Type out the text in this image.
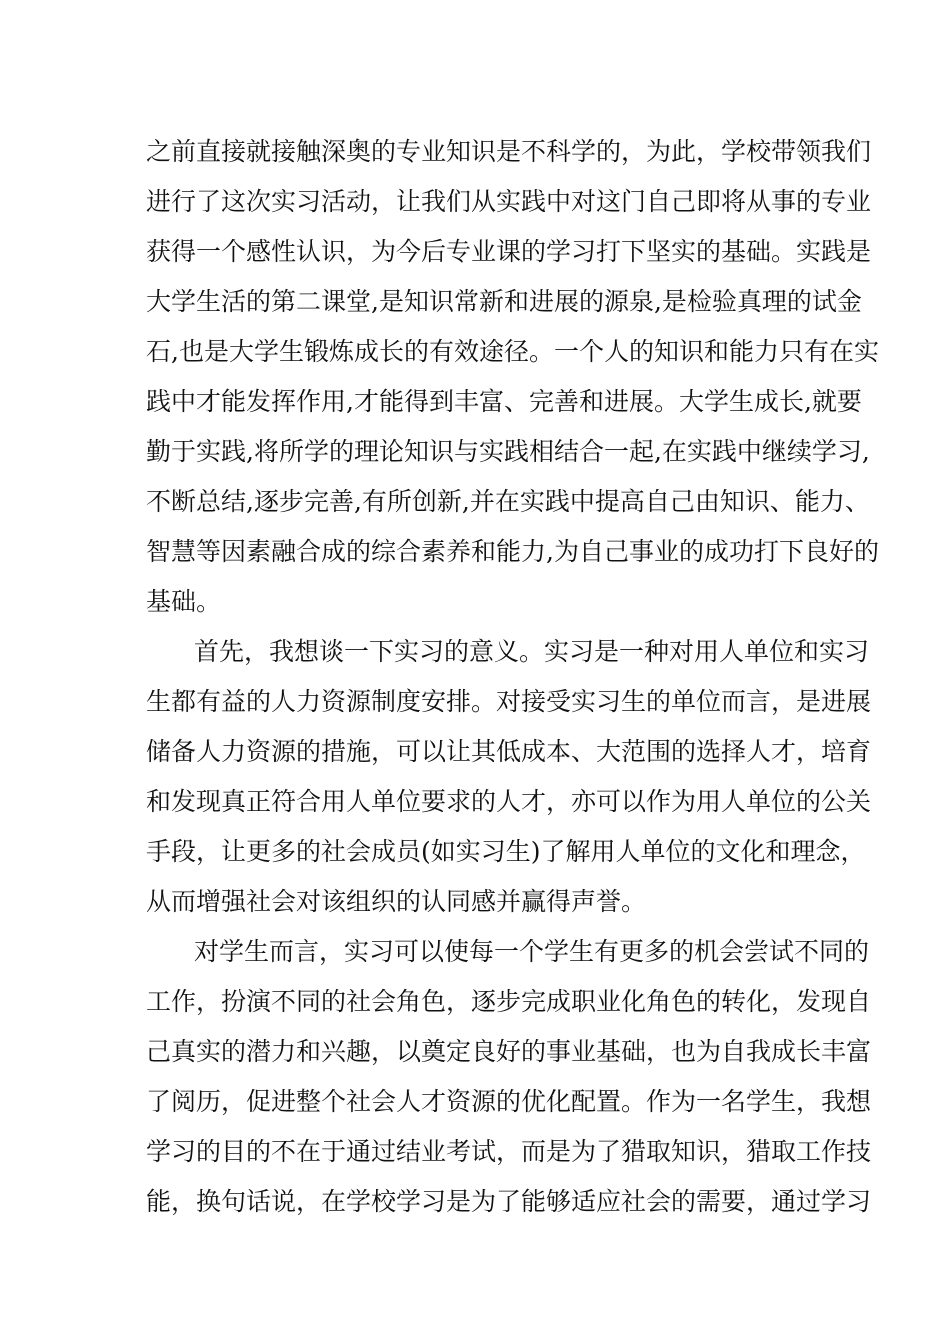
之前直接就接触深奥的专业知识是不科学的，为此，学校带领我们
进行了这次实习活动，让我们从实践中对这门自己即将从事的专业
获得一个感性认识，为今后专业课的学习打下坚实的基础。实践是
大学生活的第二课堂,是知识常新和进展的源泉,是检验真理的试金
石,也是大学生锻炼成长的有效途径。一个人的知识和能力只有在实
践中才能发挥作用,才能得到丰富、完善和进展。大学生成长,就要
勤于实践,将所学的理论知识与实践相结合一起,在实践中继续学习,
不断总结,逐步完善,有所创新,并在实践中提高自己由知识、能力、
智慧等因素融合成的综合素养和能力,为自己事业的成功打下良好的
基础。
首先，我想谈一下实习的意义。实习是一种对用人单位和实习
生都有益的人力资源制度安排。对接受实习生的单位而言，是进展
储备人力资源的措施，可以让其低成本、大范围的选择人才，培育
和发现真正符合用人单位要求的人才，亦可以作为用人单位的公关
手段，让更多的社会成员(如实习生)了解用人单位的文化和理念，
从而增强社会对该组织的认同感并赢得声誉。
对学生而言，实习可以使每一个学生有更多的机会尝试不同的
工作，扮演不同的社会角色，逐步完成职业化角色的转化，发现自
己真实的潜力和兴趣，以奠定良好的事业基础，也为自我成长丰富
了阅历，促进整个社会人才资源的优化配置。作为一名学生，我想
学习的目的不在于通过结业考试，而是为了猎取知识，猎取工作技
能，换句话说，在学校学习是为了能够适应社会的需要，通过学习
